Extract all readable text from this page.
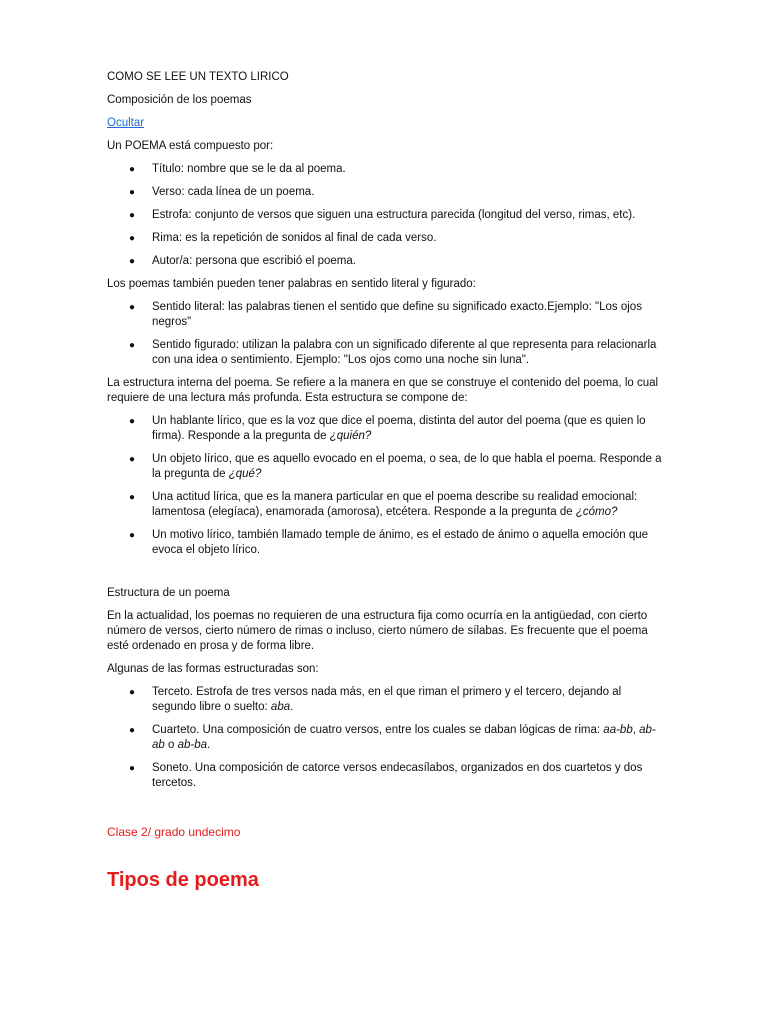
COMO SE LEE UN TEXTO LIRICO

Composición de los poemas

Ocultar

Un POEMA está compuesto por:

● Título: nombre que se le da al poema.
● Verso: cada línea de un poema.
● Estrofa: conjunto de versos que siguen una estructura parecida (longitud del verso, rimas, etc).
● Rima: es la repetición de sonidos al final de cada verso.
● Autor/a: persona que escribió el poema.

Los poemas también pueden tener palabras en sentido literal y figurado:

● Sentido literal: las palabras tienen el sentido que define su significado exacto.Ejemplo: "Los ojos negros"
● Sentido figurado: utilizan la palabra con un significado diferente al que representa para relacionarla con una idea o sentimiento. Ejemplo: "Los ojos como una noche sin luna".

La estructura interna del poema. Se refiere a la manera en que se construye el contenido del poema, lo cual requiere de una lectura más profunda. Esta estructura se compone de:

● Un hablante lírico, que es la voz que dice el poema, distinta del autor del poema (que es quien lo firma). Responde a la pregunta de ¿quién?
● Un objeto lírico, que es aquello evocado en el poema, o sea, de lo que habla el poema. Responde a la pregunta de ¿qué?
● Una actitud lírica, que es la manera particular en que el poema describe su realidad emocional: lamentosa (elegíaca), enamorada (amorosa), etcétera. Responde a la pregunta de ¿cómo?
● Un motivo lírico, también llamado temple de ánimo, es el estado de ánimo o aquella emoción que evoca el objeto lírico.

Estructura de un poema

En la actualidad, los poemas no requieren de una estructura fija como ocurría en la antigüedad, con cierto número de versos, cierto número de rimas o incluso, cierto número de sílabas. Es frecuente que el poema esté ordenado en prosa y de forma libre.

Algunas de las formas estructuradas son:

● Terceto. Estrofa de tres versos nada más, en el que riman el primero y el tercero, dejando al segundo libre o suelto: aba.
● Cuarteto. Una composición de cuatro versos, entre los cuales se daban lógicas de rima: aa-bb, ab-ab o ab-ba.
● Soneto. Una composición de catorce versos endecasílabos, organizados en dos cuartetos y dos tercetos.

Clase 2/ grado undecimo

Tipos de poema
